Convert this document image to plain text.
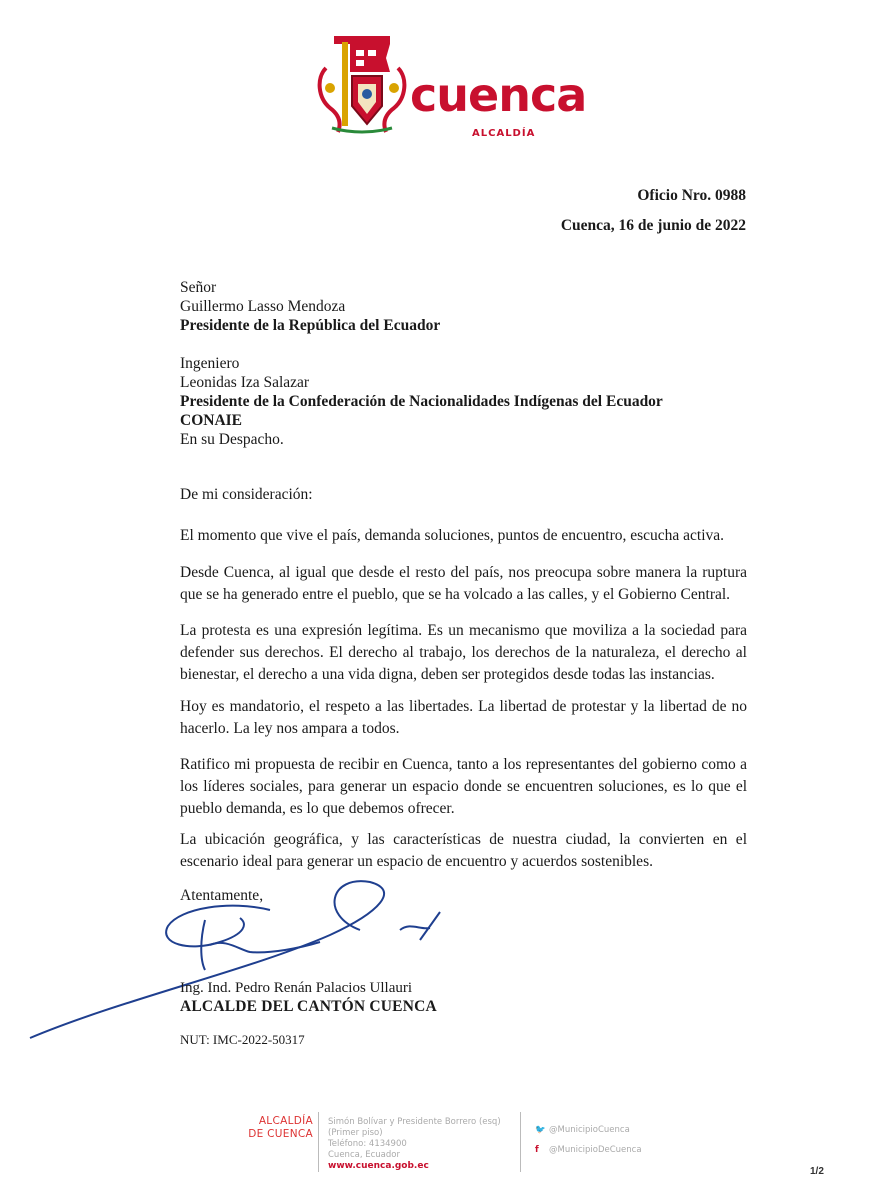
cuenca
ALCALDÍA
Oficio Nro. 0988
Cuenca, 16 de junio de 2022
Señor
Guillermo Lasso Mendoza
Presidente de la República del Ecuador
Ingeniero
Leonidas Iza Salazar
Presidente de la Confederación de Nacionalidades Indígenas del Ecuador
CONAIE
En su Despacho.
De mi consideración:
El momento que vive el país, demanda soluciones, puntos de encuentro, escucha activa.
Desde Cuenca, al igual que desde el resto del país, nos preocupa sobre manera la ruptura que se ha generado entre el pueblo, que se ha volcado a las calles, y el Gobierno Central.
La protesta es una expresión legítima. Es un mecanismo que moviliza a la sociedad para defender sus derechos. El derecho al trabajo, los derechos de la naturaleza, el derecho al bienestar, el derecho a una vida digna, deben ser protegidos desde todas las instancias.
Hoy es mandatorio, el respeto a las libertades. La libertad de protestar y la libertad de no hacerlo. La ley nos ampara a todos.
Ratifico mi propuesta de recibir en Cuenca, tanto a los representantes del gobierno como a los líderes sociales, para generar un espacio donde se encuentren soluciones, es lo que el pueblo demanda, es lo que debemos ofrecer.
La ubicación geográfica, y las características de nuestra ciudad, la convierten en el escenario ideal para generar un espacio de encuentro y acuerdos sostenibles.
Atentamente,
Ing. Ind. Pedro Renán Palacios Ullauri
ALCALDE DEL CANTÓN CUENCA
NUT: IMC-2022-50317
ALCALDÍA
DE CUENCA
Simón Bolívar y Presidente Borrero (esq)
(Primer piso)
Teléfono: 4134900
Cuenca, Ecuador
www.cuenca.gob.ec
🐦 @MunicipioCuenca
f @MunicipioDeCuenca
1/2
